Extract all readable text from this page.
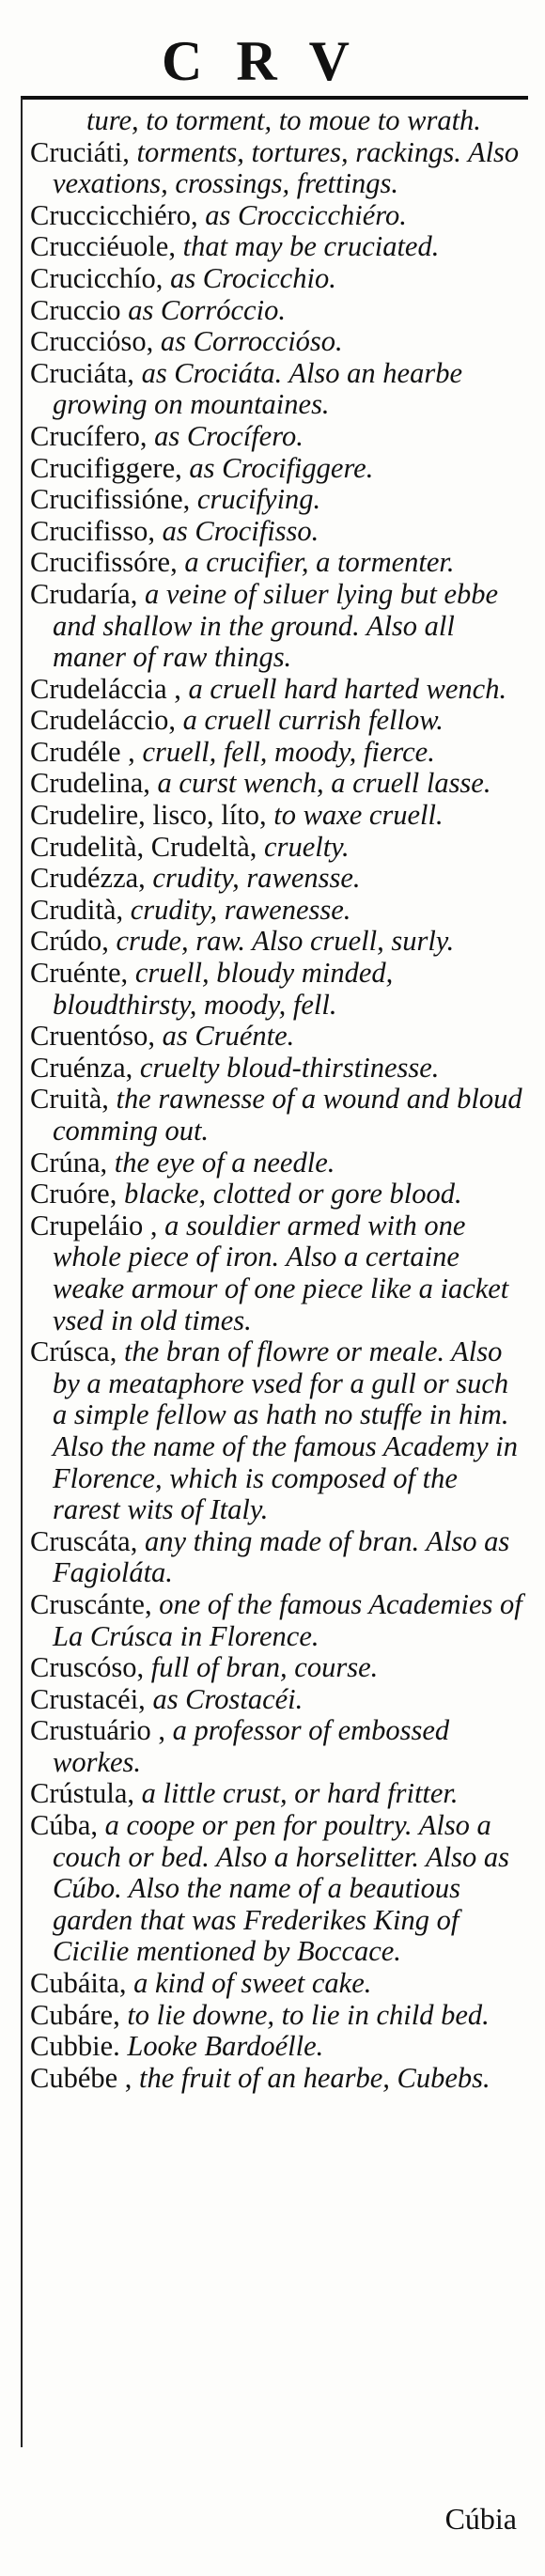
CRV

ture, to torment, to moue to wrath.

Cruciáti, torments, tortures, rackings. Also vexations, crossings, frettings.

Cruccicchiéro, as Croccicchiéro.

Crucciéuole, that may be cruciated.

Crucicchío, as Crocicchio.

Cruccio as Corróccio.

Crucciόso, as Corroccióso.

Cruciáta, as Crociáta. Also an hearbe growing on mountaines.

Crucífero, as Crocífero.

Crucifiggere, as Crocifiggere.

Crucifissióne, crucifying.

Crucifisso, as Crocifisso.

Crucifissóre, a crucifier, a tormenter.

Crudaría, a veine of siluer lying but ebbe and shallow in the ground. Also all maner of raw things.

Crudeláccia , a cruell hard harted wench.

Crudeláccio, a cruell currish fellow.

Crudéle , cruell, fell, moody, fierce.

Crudelina, a curst wench, a cruell lasse.

Crudelire, lisco, líto, to waxe cruell.

Crudelità, Crudeltà, cruelty.

Crudézza, crudity, rawensse.

Crudità, crudity, rawenesse.

Crúdo, crude, raw. Also cruell, surly.

Cruénte, cruell, bloudy minded, bloudthirsty, moody, fell.

Cruentóso, as Cruénte.

Cruénza, cruelty bloud-thirstinesse.

Cruità, the rawnesse of a wound and bloud comming out.

Crúna, the eye of a needle.

Cruóre, blacke, clotted or gore blood.

Crupeláio , a souldier armed with one whole piece of iron. Also a certaine weake armour of one piece like a iacket vsed in old times.

Crúsca, the bran of flowre or meale. Also by a meataphore vsed for a gull or such a simple fellow as hath no stuffe in him. Also the name of the famous Academy in Florence, which is composed of the rarest wits of Italy.

Cruscáta, any thing made of bran. Also as Fagioláta.

Cruscánte, one of the famous Academies of La Crúsca in Florence.

Cruscóso, full of bran, course.

Crustacéi, as Crostacéi.

Crustuário , a professor of embossed workes.

Crústula, a little crust, or hard fritter.

Cúba, a coope or pen for poultry. Also a couch or bed. Also a horselitter. Also as Cúbo. Also the name of a beautious garden that was Frederikes King of Cicilie mentioned by Boccace.

Cubáita, a kind of sweet cake.

Cubáre, to lie downe, to lie in child bed.

Cubbie. Looke Bardoélle.

Cubébe , the fruit of an hearbe, Cubebs.

Cúbia
